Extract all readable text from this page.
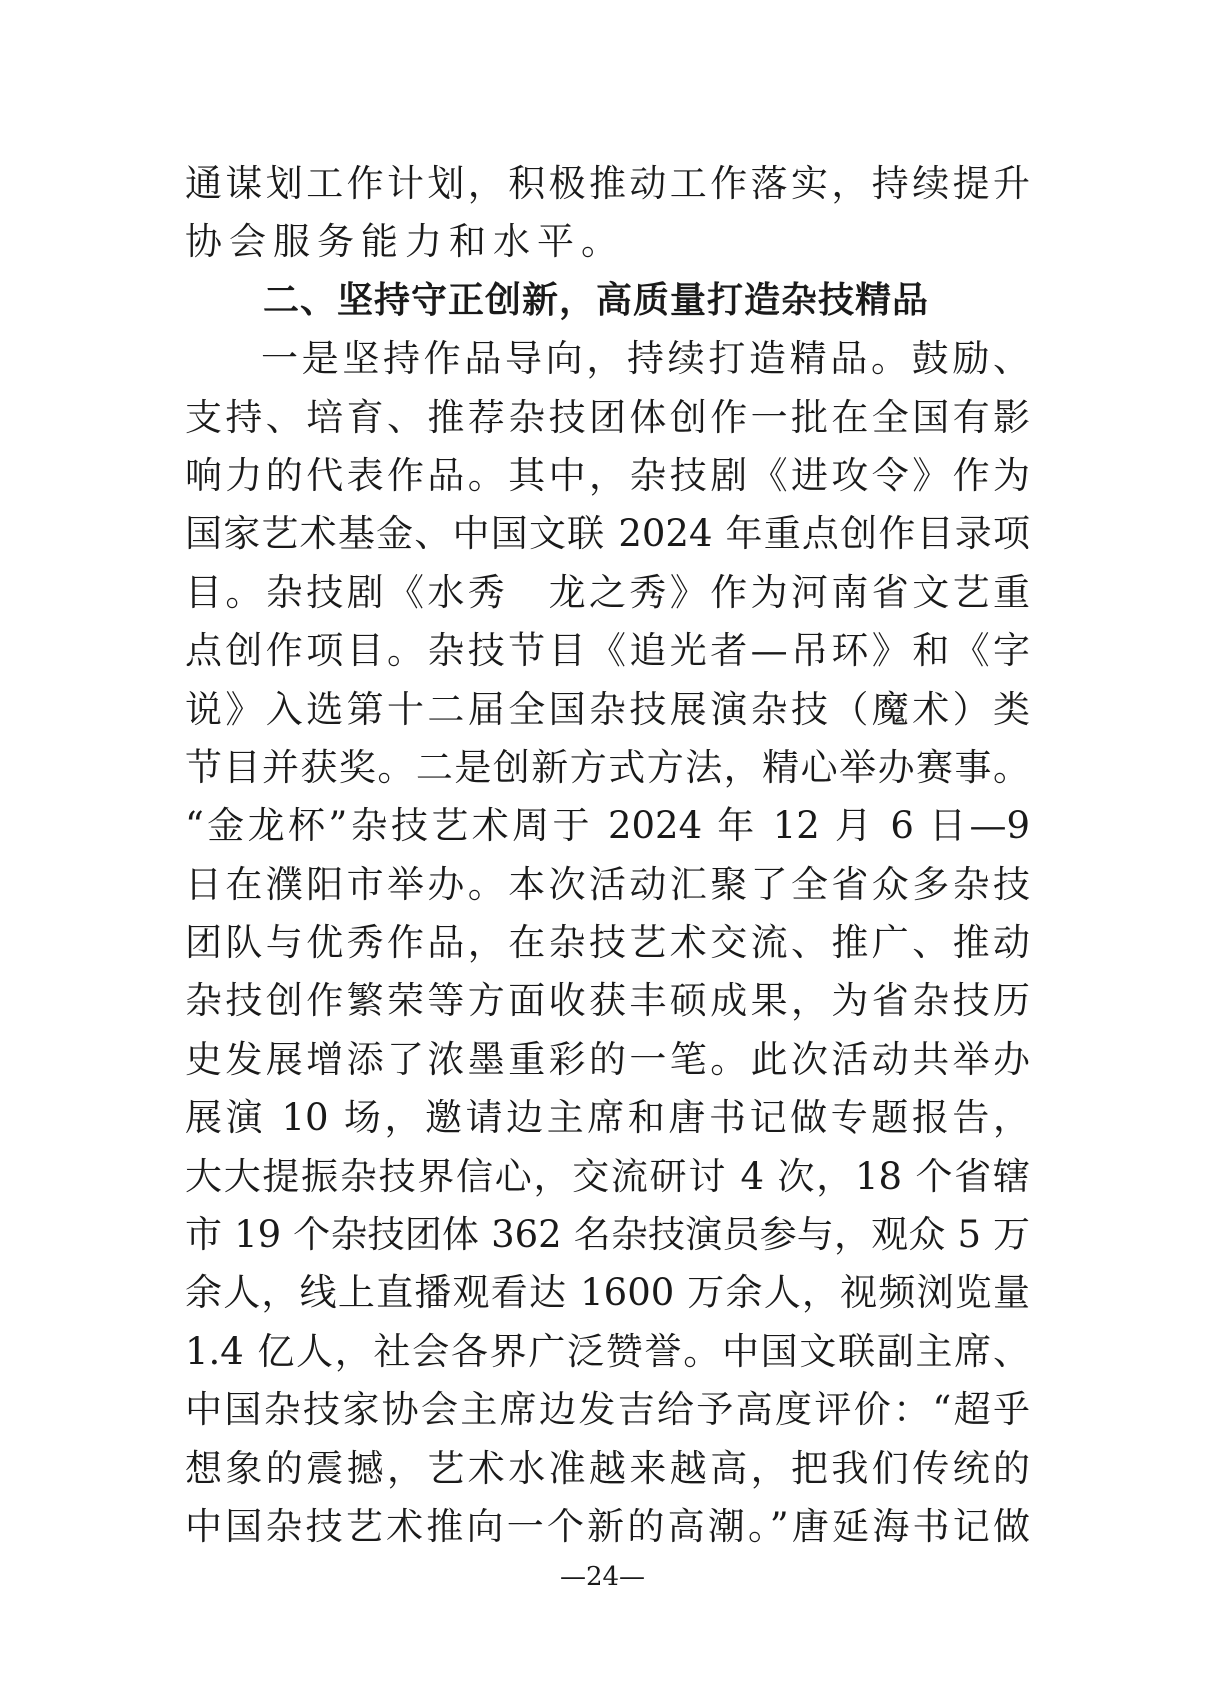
通谋划工作计划，积极推动工作落实，持续提升
协会服务能力和水平。
二、坚持守正创新，高质量打造杂技精品
一是坚持作品导向，持续打造精品。鼓励、
支持、培育、推荐杂技团体创作一批在全国有影
响力的代表作品。其中，杂技剧《进攻令》作为
国家艺术基金、中国文联 2024 年重点创作目录项
目。杂技剧《水秀　龙之秀》作为河南省文艺重
点创作项目。杂技节目《追光者—吊环》和《字
说》入选第十二届全国杂技展演杂技（魔术）类
节目并获奖。二是创新方式方法，精心举办赛事。
“金龙杯”杂技艺术周于 2024 年 12 月 6 日—9
日在濮阳市举办。本次活动汇聚了全省众多杂技
团队与优秀作品，在杂技艺术交流、推广、推动
杂技创作繁荣等方面收获丰硕成果，为省杂技历
史发展增添了浓墨重彩的一笔。此次活动共举办
展演 10 场，邀请边主席和唐书记做专题报告，
大大提振杂技界信心，交流研讨 4 次，18 个省辖
市 19 个杂技团体 362 名杂技演员参与，观众 5 万
余人，线上直播观看达 1600 万余人，视频浏览量
1.4 亿人，社会各界广泛赞誉。中国文联副主席、
中国杂技家协会主席边发吉给予高度评价：“超乎
想象的震撼，艺术水准越来越高，把我们传统的
中国杂技艺术推向一个新的高潮。”唐延海书记做
—24—
